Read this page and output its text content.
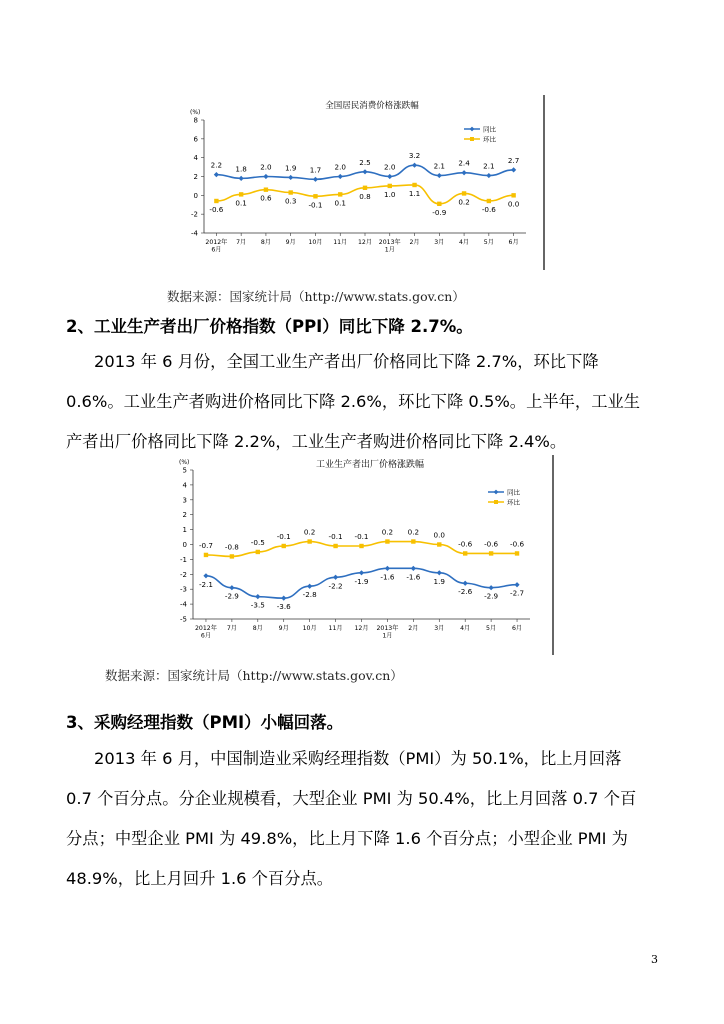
全国居民消费价格涨跌幅
(%)
-4
-2
0
2
4
6
8
2012年
6月
7月 8月 9月 10月 11月 12月 2013年
1月
2月 3月 4月 5月 6月
2.2 1.8 2.0 1.9 1.7 2.0
2.5
2.0
3.2
2.1 2.4 2.1
2.7
-0.6
0.1
0.6 0.3 -0.1 0.1
0.8 1.0 1.1
-0.9
0.2
-0.6
0.0
同比
环比
数据来源：国家统计局（http://www.stats.gov.cn）
2、工业生产者出厂价格指数（PPI）同比下降 2.7%。
2013 年 6 月份，全国工业生产者出厂价格同比下降 2.7%，环比下降
0.6%。工业生产者购进价格同比下降 2.6%，环比下降 0.5%。上半年，工业生
产者出厂价格同比下降 2.2%，工业生产者购进价格同比下降 2.4%。
工业生产者出厂价格涨跌幅
(%)
-5
-4
-3
-2
-1
0
1
2
3
4
5
2012年
6月
7月	8月	9月 10月 11月 12月 2013年
1月
2月	3月	4月	5月	6月
-2.1
-2.9
-3.5 -3.6
-2.8
-2.2 -1.9 -1.6 -1.6 1.9
-2.6 -2.9 -2.7
-0.7 -0.8 -0.5
-0.1 0.2 -0.1 -0.1 0.2 0.2 0.0
-0.6 -0.6 -0.6
同比
环比
数据来源：国家统计局（http://www.stats.gov.cn）
3、采购经理指数（PMI）小幅回落。
2013 年 6 月，中国制造业采购经理指数（PMI）为 50.1%，比上月回落
0.7 个百分点。分企业规模看，大型企业 PMI 为 50.4%，比上月回落 0.7 个百
分点；中型企业 PMI 为 49.8%，比上月下降 1.6 个百分点；小型企业 PMI 为
48.9%，比上月回升 1.6 个百分点。
3
